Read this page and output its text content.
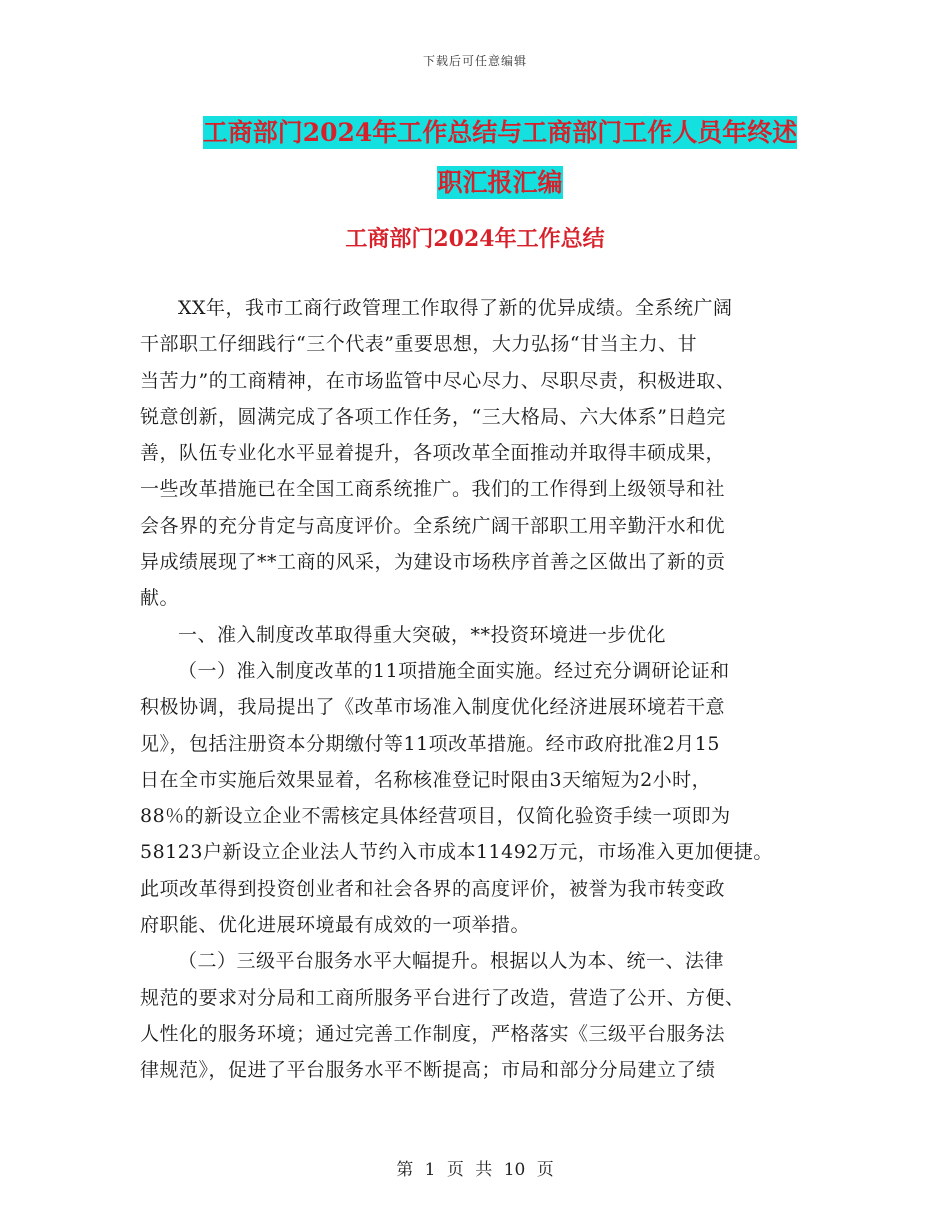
下载后可任意编辑
工商部门2024年工作总结与工商部门工作人员年终述
职汇报汇编
工商部门2024年工作总结
XX年，我市工商行政管理工作取得了新的优异成绩。全系统广阔
干部职工仔细践行“三个代表”重要思想，大力弘扬“甘当主力、甘
当苦力”的工商精神，在市场监管中尽心尽力、尽职尽责，积极进取、
锐意创新，圆满完成了各项工作任务，“三大格局、六大体系”日趋完
善，队伍专业化水平显着提升，各项改革全面推动并取得丰硕成果，
一些改革措施已在全国工商系统推广。我们的工作得到上级领导和社
会各界的充分肯定与高度评价。全系统广阔干部职工用辛勤汗水和优
异成绩展现了**工商的风采，为建设市场秩序首善之区做出了新的贡
献。
一、准入制度改革取得重大突破，**投资环境进一步优化
（一）准入制度改革的11项措施全面实施。经过充分调研论证和
积极协调，我局提出了《改革市场准入制度优化经济进展环境若干意
见》，包括注册资本分期缴付等11项改革措施。经市政府批准2月15
日在全市实施后效果显着，名称核准登记时限由3天缩短为2小时，
88％的新设立企业不需核定具体经营项目，仅简化验资手续一项即为
58123户新设立企业法人节约入市成本11492万元，市场准入更加便捷。
此项改革得到投资创业者和社会各界的高度评价，被誉为我市转变政
府职能、优化进展环境最有成效的一项举措。
（二）三级平台服务水平大幅提升。根据以人为本、统一、法律
规范的要求对分局和工商所服务平台进行了改造，营造了公开、方便、
人性化的服务环境；通过完善工作制度，严格落实《三级平台服务法
律规范》，促进了平台服务水平不断提高；市局和部分分局建立了绩
第 1 页 共 10 页
